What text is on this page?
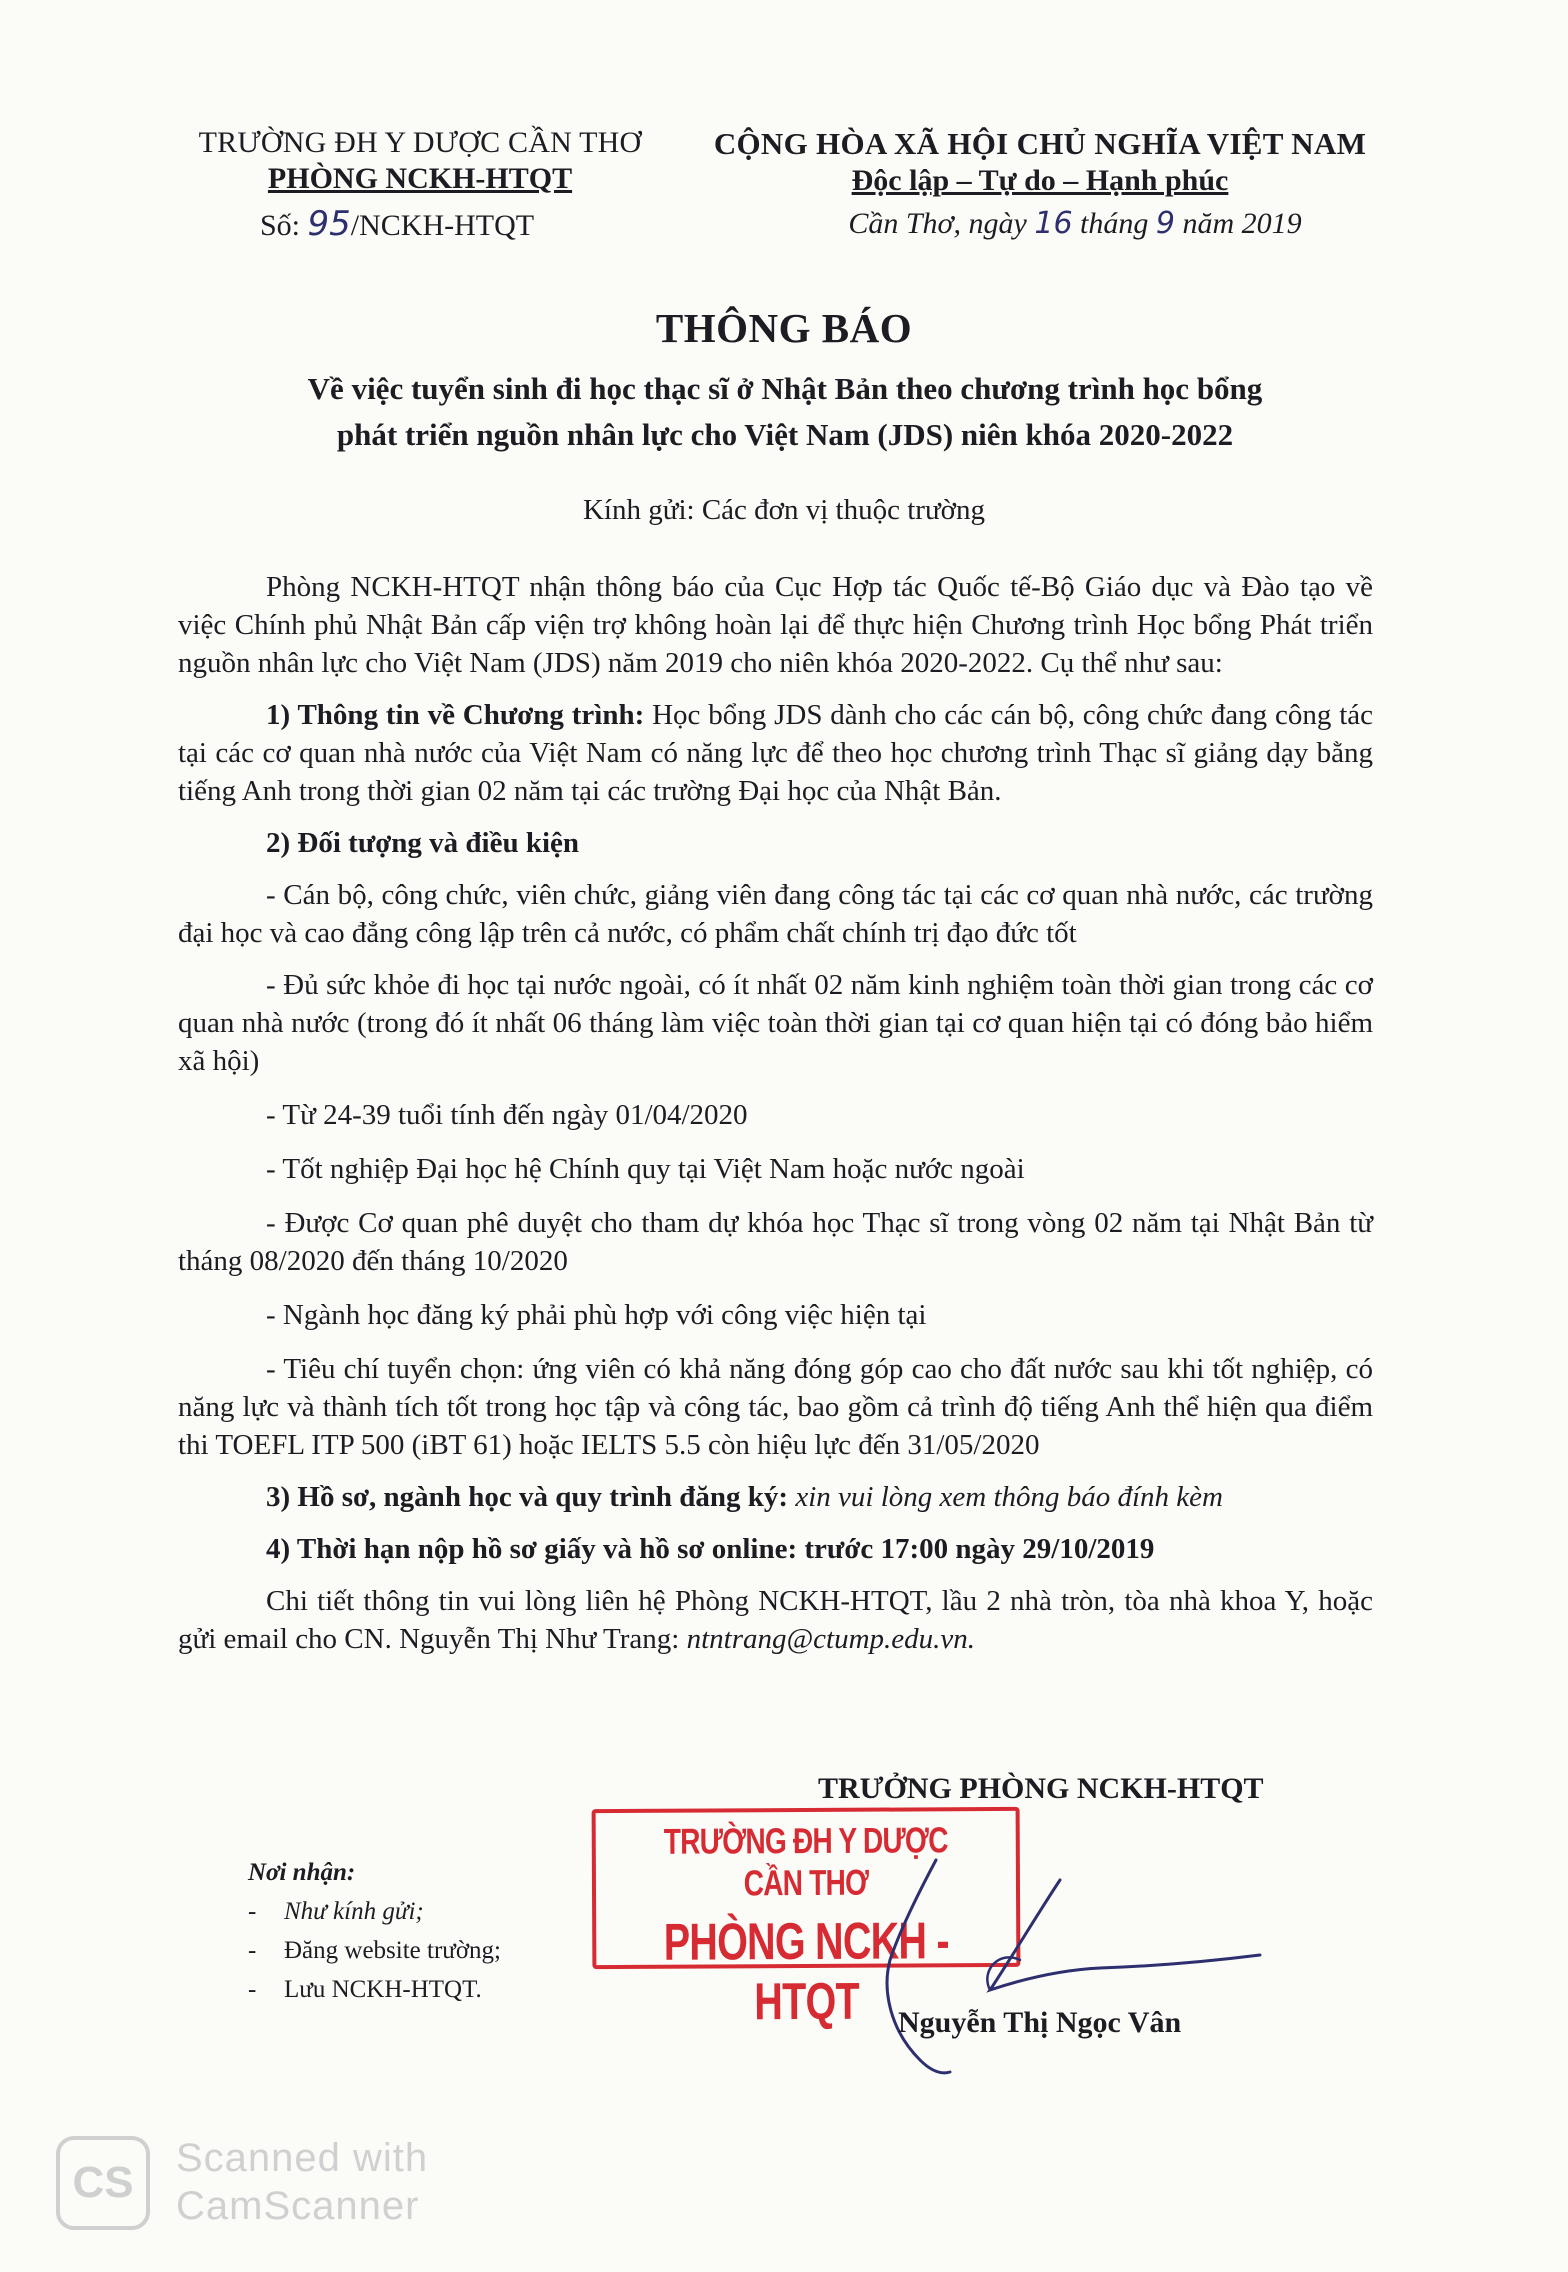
TRƯỜNG ĐH Y DƯỢC CẦN THƠ
PHÒNG NCKH-HTQT
Số: 95/NCKH-HTQT
CỘNG HÒA XÃ HỘI CHỦ NGHĨA VIỆT NAM
Độc lập – Tự do – Hạnh phúc
Cần Thơ, ngày 16 tháng 9 năm 2019
THÔNG BÁO
Về việc tuyển sinh đi học thạc sĩ ở Nhật Bản theo chương trình học bổng
phát triển nguồn nhân lực cho Việt Nam (JDS) niên khóa 2020-2022
Kính gửi: Các đơn vị thuộc trường

Phòng NCKH-HTQT nhận thông báo của Cục Hợp tác Quốc tế-Bộ Giáo dục và Đào tạo về việc Chính phủ Nhật Bản cấp viện trợ không hoàn lại để thực hiện Chương trình Học bổng Phát triển nguồn nhân lực cho Việt Nam (JDS) năm 2019 cho niên khóa 2020-2022. Cụ thể như sau:

1) Thông tin về Chương trình: Học bổng JDS dành cho các cán bộ, công chức đang công tác tại các cơ quan nhà nước của Việt Nam có năng lực để theo học chương trình Thạc sĩ giảng dạy bằng tiếng Anh trong thời gian 02 năm tại các trường Đại học của Nhật Bản.

2) Đối tượng và điều kiện

- Cán bộ, công chức, viên chức, giảng viên đang công tác tại các cơ quan nhà nước, các trường đại học và cao đẳng công lập trên cả nước, có phẩm chất chính trị đạo đức tốt

- Đủ sức khỏe đi học tại nước ngoài, có ít nhất 02 năm kinh nghiệm toàn thời gian trong các cơ quan nhà nước (trong đó ít nhất 06 tháng làm việc toàn thời gian tại cơ quan hiện tại có đóng bảo hiểm xã hội)

- Từ 24-39 tuổi tính đến ngày 01/04/2020

- Tốt nghiệp Đại học hệ Chính quy tại Việt Nam hoặc nước ngoài

- Được Cơ quan phê duyệt cho tham dự khóa học Thạc sĩ trong vòng 02 năm tại Nhật Bản từ tháng 08/2020 đến tháng 10/2020

- Ngành học đăng ký phải phù hợp với công việc hiện tại

- Tiêu chí tuyển chọn: ứng viên có khả năng đóng góp cao cho đất nước sau khi tốt nghiệp, có năng lực và thành tích tốt trong học tập và công tác, bao gồm cả trình độ tiếng Anh thể hiện qua điểm thi TOEFL ITP 500 (iBT 61) hoặc IELTS 5.5 còn hiệu lực đến 31/05/2020

3) Hồ sơ, ngành học và quy trình đăng ký: xin vui lòng xem thông báo đính kèm

4) Thời hạn nộp hồ sơ giấy và hồ sơ online: trước 17:00 ngày 29/10/2019

Chi tiết thông tin vui lòng liên hệ Phòng NCKH-HTQT, lầu 2 nhà tròn, tòa nhà khoa Y, hoặc gửi email cho CN. Nguyễn Thị Như Trang: ntntrang@ctump.edu.vn.

TRƯỞNG PHÒNG NCKH-HTQT
Nơi nhận:
- Như kính gửi;
- Đăng website trường;
- Lưu NCKH-HTQT.
TRƯỜNG ĐH Y DƯỢC CẦN THƠ
PHÒNG NCKH - HTQT	Nguyễn Thị Ngọc Vân
CS	Scanned with
CamScanner
